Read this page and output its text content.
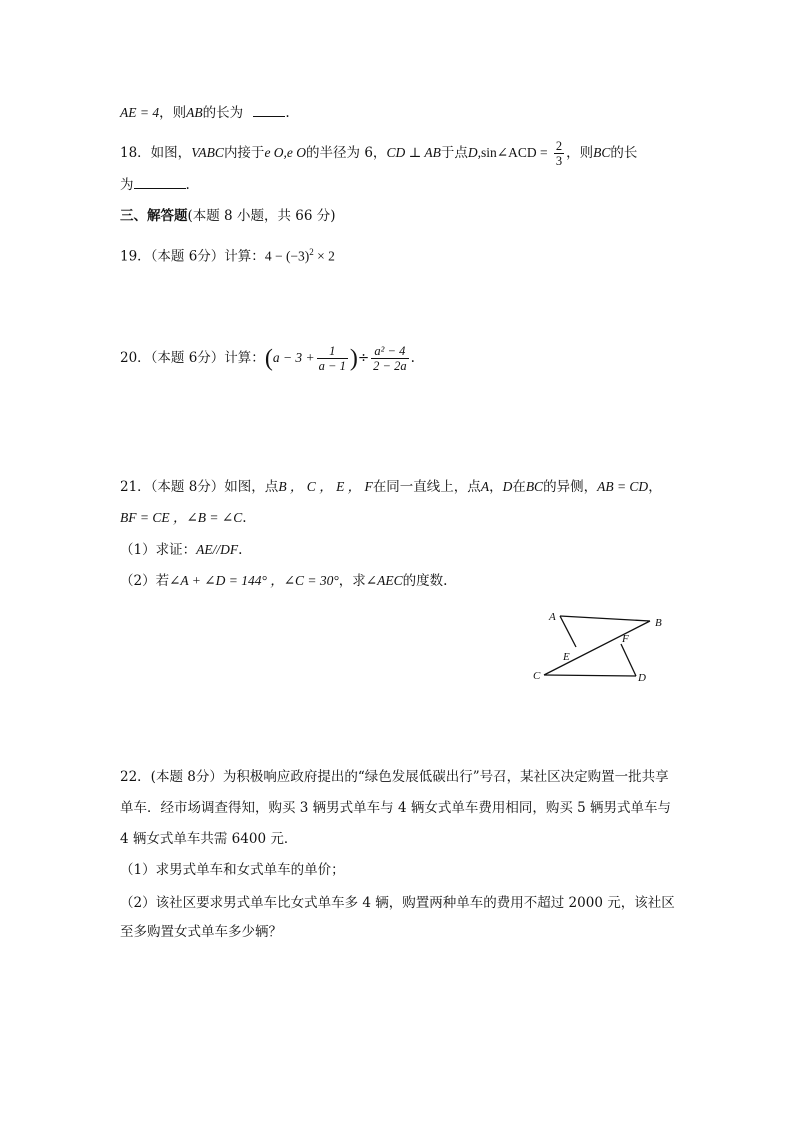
AE = 4，则AB的长为	.
18．如图，VABC内接于e O,e O的半径为 6，CD ⊥ AB于点D,sin∠ACD = $\frac{2}{3}$ ，则BC的长
为	.
三、解答题(本题 8 小题，共 66 分)
19．（本题 6分）计算：$4 - (-3)^2 \times 2$
20．（本题 6分）计算：($a - 3 + \frac{1}{a - 1}$ )÷ $\frac{\text{a² − 4}}{2 - 2a}$ .
21．（本题 8分）如图，点B ， C ， E ， F在同一直线上，点A，D在BC的异侧，AB = CD，
BF = CE ，∠B = ∠C.
（1）求证：AE//DF.
（2）若∠A + ∠D = 144° ，∠C = 30°，求∠AEC的度数.
A	B
C	D
E
F
22．(本题 8分）为积极响应政府提出的“绿色发展低碳出行”号召，某社区决定购置一批共享
单车．经市场调查得知，购买 3 辆男式单车与 4 辆女式单车费用相同，购买 5 辆男式单车与
4 辆女式单车共需 6400 元．
（1）求男式单车和女式单车的单价；
（2）该社区要求男式单车比女式单车多 4 辆，购置两种单车的费用不超过 2000 元，该社区
至多购置女式单车多少辆？
